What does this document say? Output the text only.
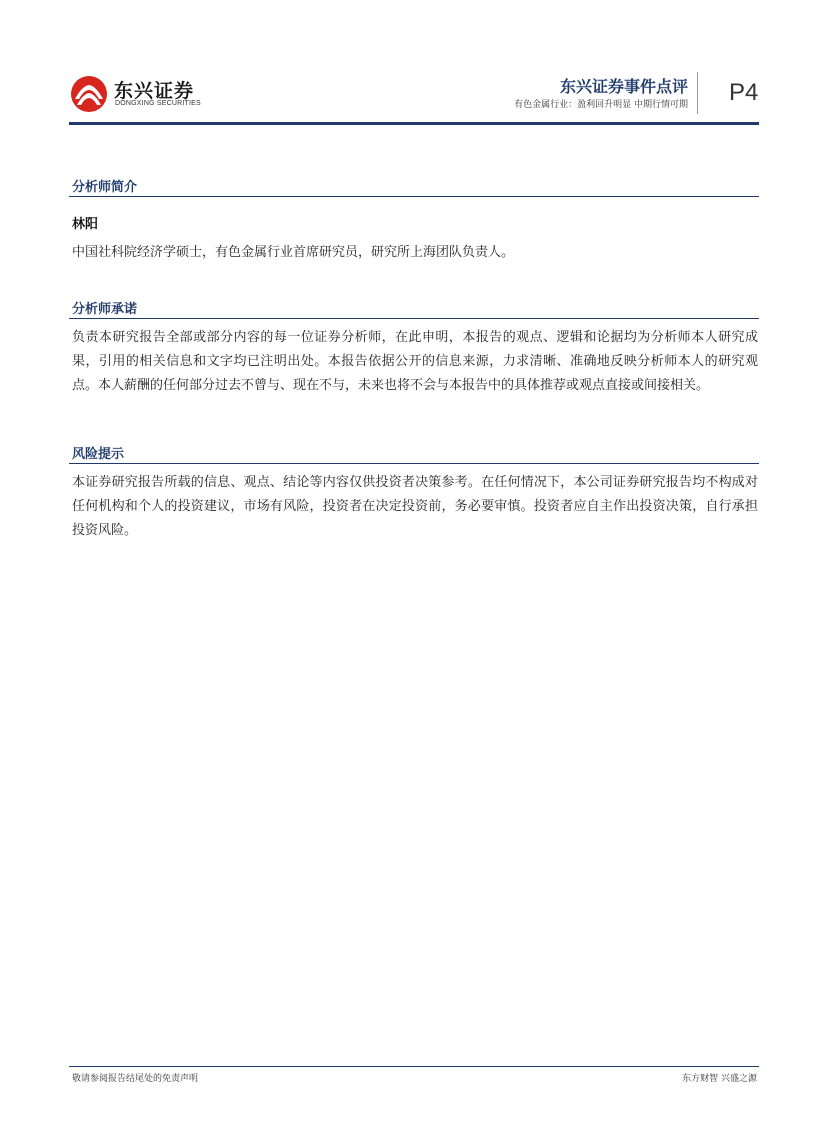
东兴证券
DONGXING SECURITIES
东兴证券事件点评
有色金属行业：盈利回升明显 中期行情可期 P4
分析师简介
林阳
中国社科院经济学硕士，有色金属行业首席研究员，研究所上海团队负责人。
分析师承诺
负责本研究报告全部或部分内容的每一位证券分析师，在此申明，本报告的观点、逻辑和论据均为分析师本人研究成果，引用的相关信息和文字均已注明出处。本报告依据公开的信息来源，力求清晰、准确地反映分析师本人的研究观点。本人薪酬的任何部分过去不曾与、现在不与，未来也将不会与本报告中的具体推荐或观点直接或间接相关。
风险提示
本证券研究报告所载的信息、观点、结论等内容仅供投资者决策参考。在任何情况下，本公司证券研究报告均不构成对任何机构和个人的投资建议，市场有风险，投资者在决定投资前，务必要审慎。投资者应自主作出投资决策，自行承担投资风险。
敬请参阅报告结尾处的免责声明	东方财智 兴盛之源
